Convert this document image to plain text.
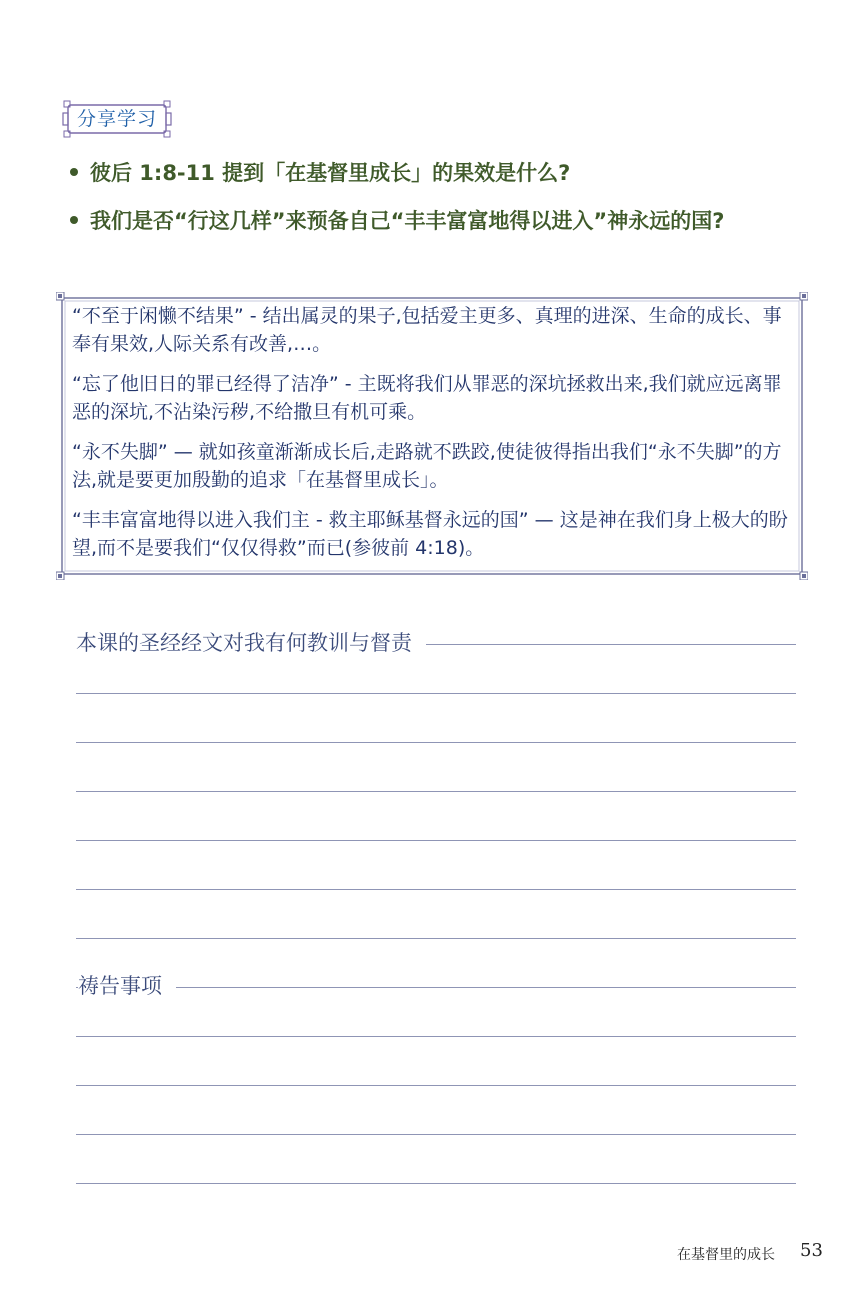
分享学习
彼后 1:8-11 提到「在基督里成长」的果效是什么?
我们是否“行这几样”来预备自己“丰丰富富地得以进入”神永远的国?

“不至于闲懒不结果” - 结出属灵的果子,包括爱主更多、真理的进深、生命的成长、事奉有果效,人际关系有改善,…。

“忘了他旧日的罪已经得了洁净” - 主既将我们从罪恶的深坑拯救出来,我们就应远离罪恶的深坑,不沾染污秽,不给撒旦有机可乘。

“永不失脚” — 就如孩童渐渐成长后,走路就不跌跤,使徒彼得指出我们“永不失脚”的方法,就是要更加殷勤的追求「在基督里成长」。

“丰丰富富地得以进入我们主 - 救主耶稣基督永远的国” — 这是神在我们身上极大的盼望,而不是要我们“仅仅得救”而已(参彼前 4:18)。

本课的圣经经文对我有何教训与督责
祷告事项
在基督里的成长 53
